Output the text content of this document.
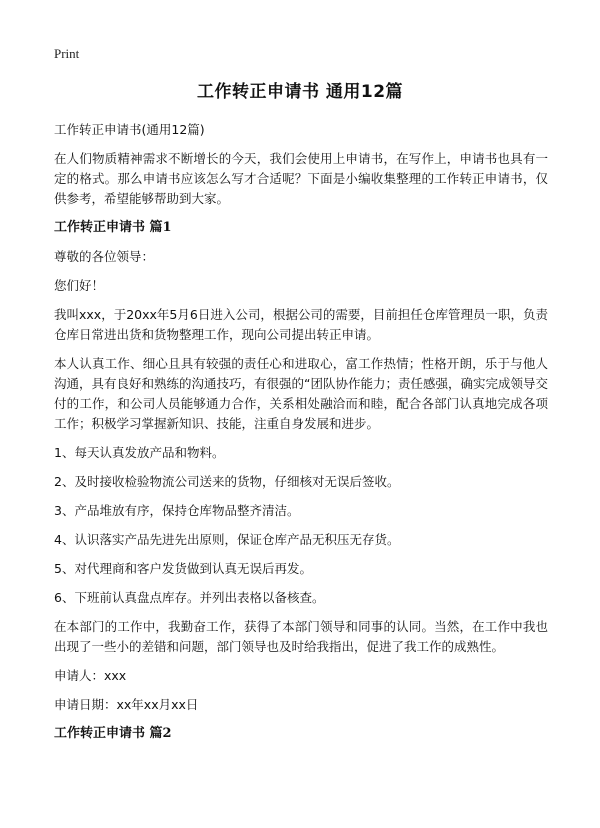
Print
工作转正申请书 通用12篇

工作转正申请书(通用12篇)

在人们物质精神需求不断增长的今天，我们会使用上申请书，在写作上，申请书也具有一定的格式。那么申请书应该怎么写才合适呢？下面是小编收集整理的工作转正申请书，仅供参考，希望能够帮助到大家。

工作转正申请书 篇1

尊敬的各位领导：

您们好！

我叫xxx，于20xx年5月6日进入公司，根据公司的需要，目前担任仓库管理员一职，负责仓库日常进出货和货物整理工作，现向公司提出转正申请。

本人认真工作、细心且具有较强的责任心和进取心，富工作热情；性格开朗，乐于与他人沟通，具有良好和熟练的沟通技巧，有很强的“团队协作能力；责任感强，确实完成领导交付的工作，和公司人员能够通力合作，关系相处融洽而和睦，配合各部门认真地完成各项工作；积极学习掌握新知识、技能，注重自身发展和进步。

1、每天认真发放产品和物料。
2、及时接收检验物流公司送来的货物，仔细核对无误后签收。
3、产品堆放有序，保持仓库物品整齐清洁。
4、认识落实产品先进先出原则，保证仓库产品无积压无存货。
5、对代理商和客户发货做到认真无误后再发。
6、下班前认真盘点库存。并列出表格以备核查。

在本部门的工作中，我勤奋工作，获得了本部门领导和同事的认同。当然，在工作中我也出现了一些小的差错和问题，部门领导也及时给我指出，促进了我工作的成熟性。

申请人：xxx

申请日期：xx年xx月xx日

工作转正申请书 篇2
